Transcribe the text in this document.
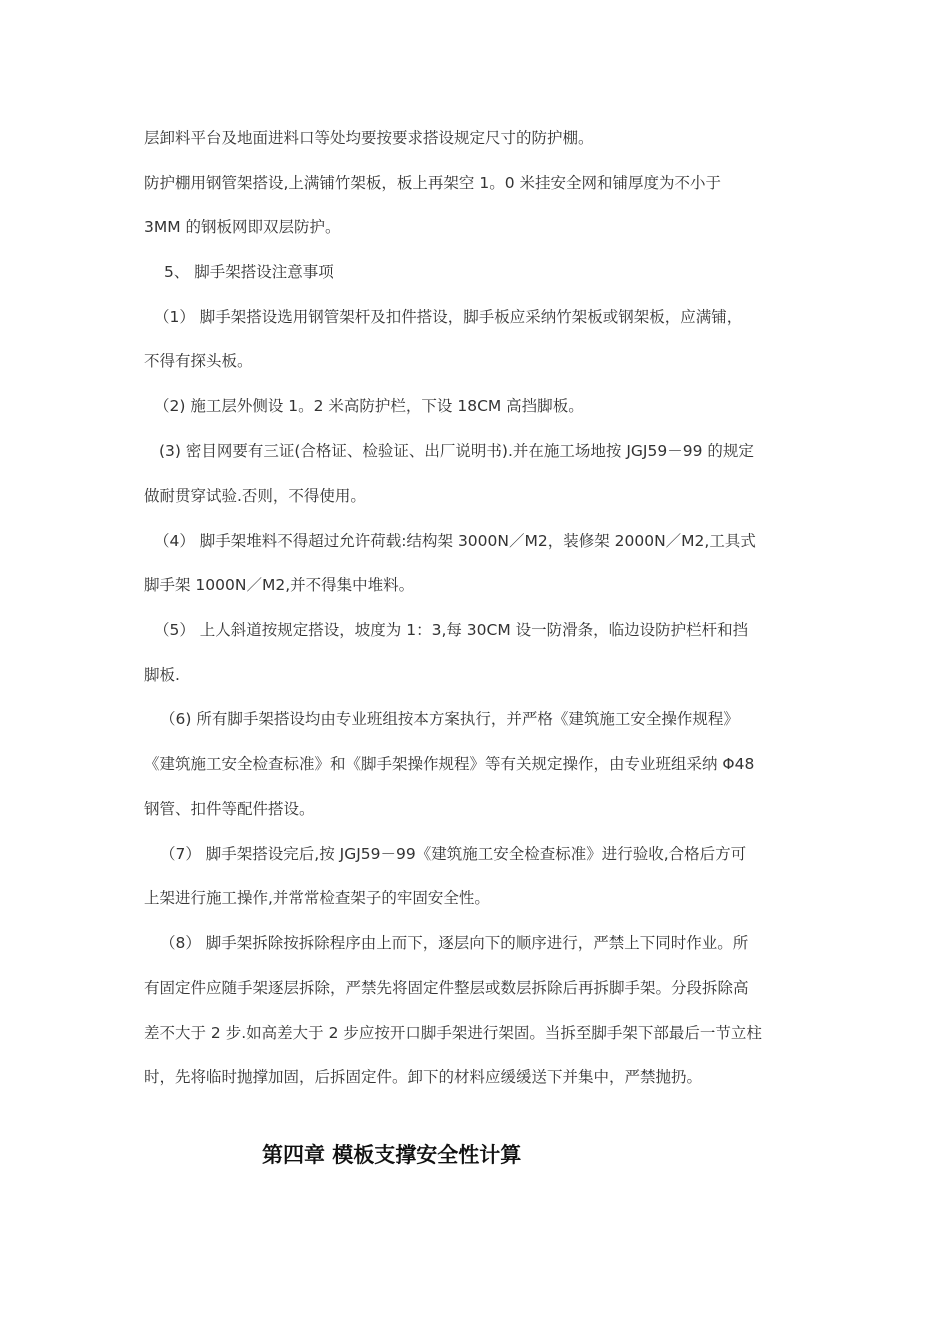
层卸料平台及地面进料口等处均要按要求搭设规定尺寸的防护棚。
防护棚用钢管架搭设,上满铺竹架板，板上再架空 1。0 米挂安全网和铺厚度为不小于
3MM 的钢板网即双层防护。
5、 脚手架搭设注意事项
（1） 脚手架搭设选用钢管架杆及扣件搭设，脚手板应采纳竹架板或钢架板，应满铺，
不得有探头板。
（2) 施工层外侧设 1。2 米高防护栏，下设 18CM 高挡脚板。
(3) 密目网要有三证(合格证、检验证、出厂说明书).并在施工场地按 JGJ59－99 的规定
做耐贯穿试验.否则，不得使用。
（4） 脚手架堆料不得超过允许荷载:结构架 3000N／M2，装修架 2000N／M2,工具式
脚手架 1000N／M2,并不得集中堆料。
（5） 上人斜道按规定搭设，坡度为 1：3,每 30CM 设一防滑条，临边设防护栏杆和挡
脚板.
（6) 所有脚手架搭设均由专业班组按本方案执行，并严格《建筑施工安全操作规程》
《建筑施工安全检查标准》和《脚手架操作规程》等有关规定操作，由专业班组采纳 Φ48
钢管、扣件等配件搭设。
（7） 脚手架搭设完后,按 JGJ59－99《建筑施工安全检查标准》进行验收,合格后方可
上架进行施工操作,并常常检查架子的牢固安全性。
（8） 脚手架拆除按拆除程序由上而下，逐层向下的顺序进行，严禁上下同时作业。所
有固定件应随手架逐层拆除，严禁先将固定件整层或数层拆除后再拆脚手架。分段拆除高
差不大于 2 步.如高差大于 2 步应按开口脚手架进行架固。当拆至脚手架下部最后一节立柱
时，先将临时抛撑加固，后拆固定件。卸下的材料应缓缓送下并集中，严禁抛扔。
第四章 模板支撑安全性计算
